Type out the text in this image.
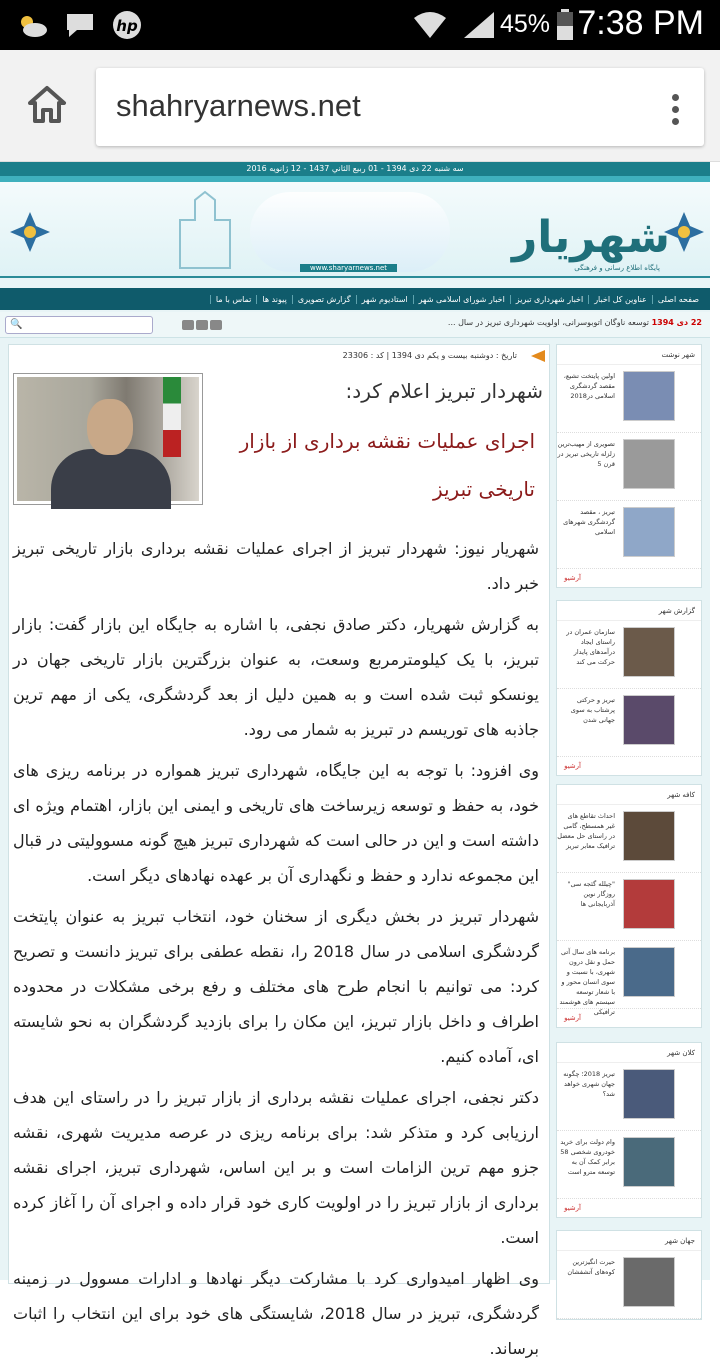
hp	45% 7:38 PM
shahryarnews.net
سه شنبه 22 دی 1394 - 01 ربيع الثاني 1437 - 12 ژانويه 2016
شهریار
پایگاه اطلاع رسانی و فرهنگی
www.sharyarnews.net
صفحه اصلی
عناوین کل اخبار
اخبار شهرداری تبریز
اخبار شورای اسلامی شهر
استادیوم شهر
گزارش تصویری
پیوند ها
تماس با ما
🔍	22 دی 1394 توسعه ناوگان اتوبوسرانی، اولویت شهرداری تبریز در سال ...
تاریخ : دوشنبه بیست و یکم دی 1394 | کد : 23306
شهردار تبریز اعلام کرد:
اجرای عملیات نقشه برداری از بازار
تاریخی تبریز

شهریار نیوز: شهردار تبریز از اجرای عملیات نقشه برداری بازار تاریخی تبریز خبر داد.

به گزارش شهریار، دکتر صادق نجفی، با اشاره به جایگاه این بازار گفت: بازار تبریز، با یک کیلومترمربع وسعت، به عنوان بزرگترین بازار تاریخی جهان در یونسکو ثبت شده است و به همین دلیل از بعد گردشگری، یکی از مهم ترین جاذبه های توریسم در تبریز به شمار می رود.

وی افزود: با توجه به این جایگاه، شهرداری تبریز همواره در برنامه ریزی های خود، به حفظ و توسعه زیرساخت های تاریخی و ایمنی این بازار، اهتمام ویژه ای داشته است و این در حالی است که شهرداری تبریز هیچ گونه مسوولیتی در قبال این مجموعه ندارد و حفظ و نگهداری آن بر عهده نهادهای دیگر است.

شهردار تبریز در بخش دیگری از سخنان خود، انتخاب تبریز به عنوان پایتخت گردشگری اسلامی در سال 2018 را، نقطه عطفی برای تبریز دانست و تصریح کرد: می توانیم با انجام طرح های مختلف و رفع برخی مشکلات در محدوده اطراف و داخل بازار تبریز، این مکان را برای بازدید گردشگران به نحو شایسته ای، آماده کنیم.

دکتر نجفی، اجرای عملیات نقشه برداری از بازار تبریز را در راستای این هدف ارزیابی کرد و متذکر شد: برای برنامه ریزی در عرصه مدیریت شهری، نقشه جزو مهم ترین الزامات است و بر این اساس، شهرداری تبریز، اجرای نقشه برداری از بازار تبریز را در اولویت کاری خود قرار داده و اجرای آن را آغاز کرده است.

وی اظهار امیدواری کرد با مشارکت دیگر نهادها و ادارات مسوول در زمینه گردشگری، تبریز در سال 2018، شایستگی های خود برای این انتخاب را اثبات برساند.

شهر نوشت
اولین پایتخت تشیع، مقصد گردشگری اسلامی در2018
تصویری از مهیب‌ترین زلزله تاریخی تبریز در قرن 5
تبریز ، مقصد گردشگری شهرهای اسلامی
آرشیو
گزارش شهر
سازمان عمران در راستای ایجاد درآمدهای پایدار حرکت می کند
تبریز و حرکتی پرشتاب به سوی جهانی شدن
آرشیو
کافه شهر
احداث تقاطع های غیر همسطح، گامی در راستای حل معضل ترافیک معابر تبریز
"چیلله گئجه سی" روزگار نوین آذربایجانی ها
برنامه های سال آتی حمل و نقل درون شهری، با نسبت و سوی انسان محور و با شعار توسعه سیستم های هوشمند ترافیکی
آرشیو
کلان شهر
تبریز 2018؛ چگونه جهان شهری خواهد شد؟
وام دولت برای خرید خودروی شخصی 58 برابر کمک آن به توسعه مترو است
آرشیو
جهان شهر
حیرت انگیزترین کوه‌های آتشفشان
